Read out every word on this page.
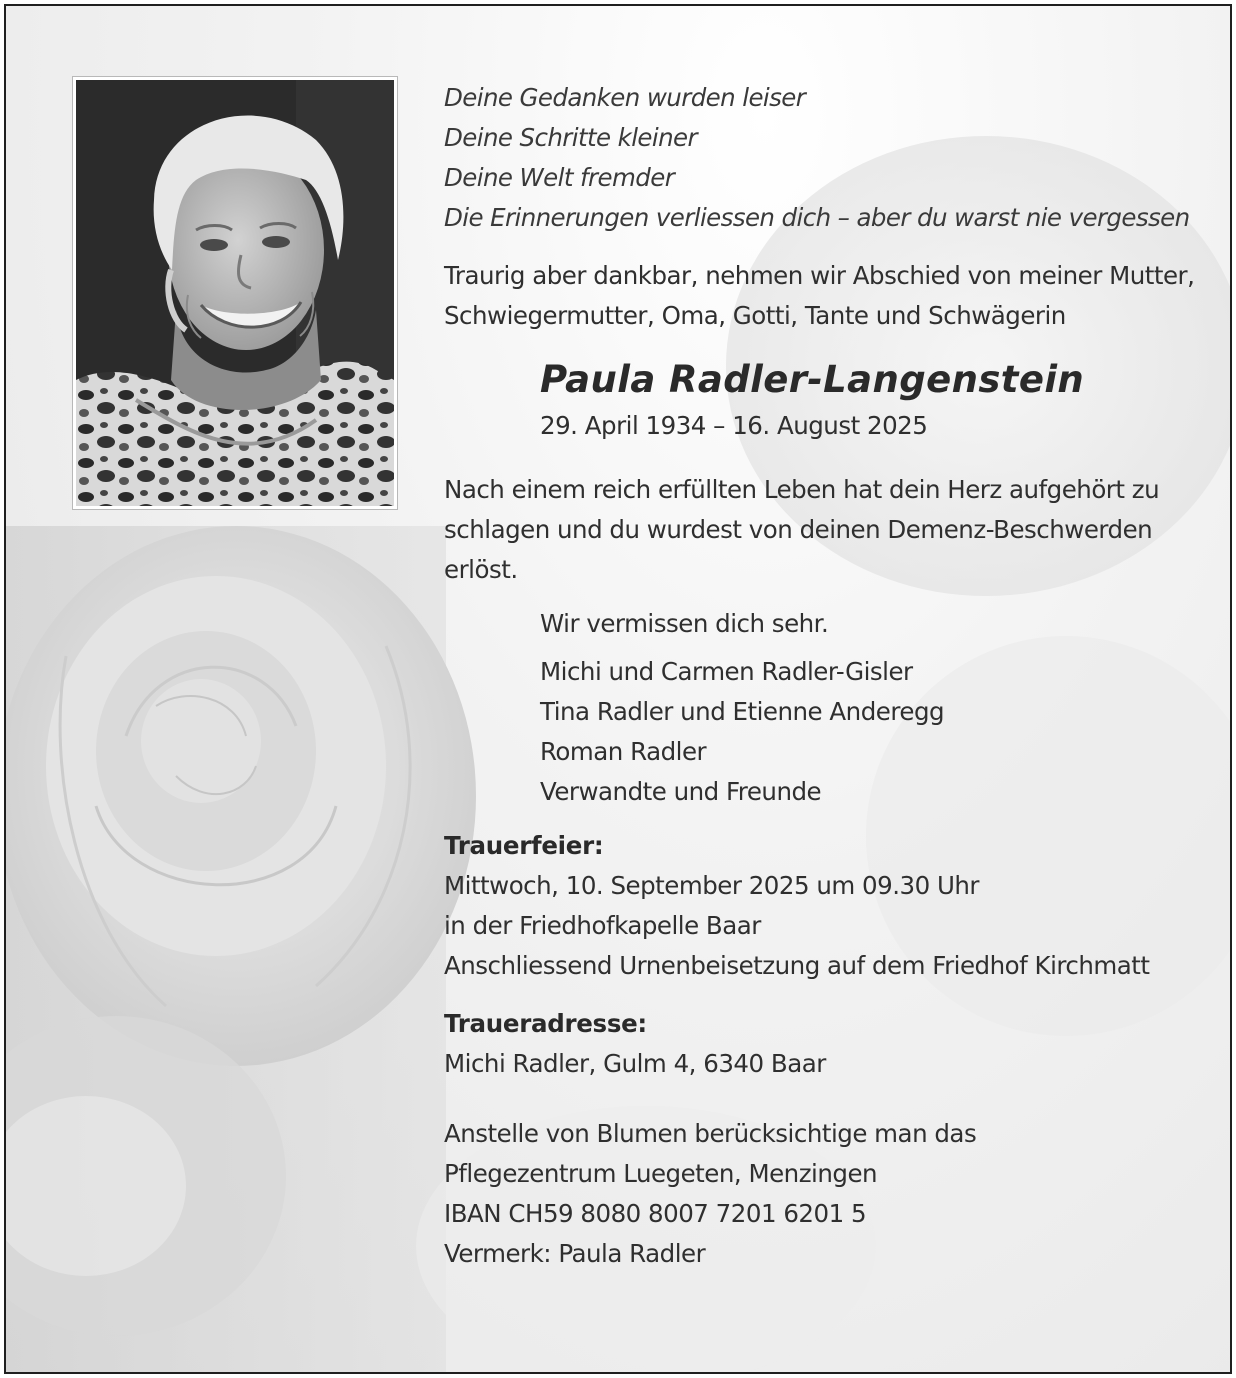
Deine Gedanken wurden leiser
Deine Schritte kleiner
Deine Welt fremder
Die Erinnerungen verliessen dich – aber du warst nie vergessen
Traurig aber dankbar, nehmen wir Abschied von meiner Mutter,
Schwiegermutter, Oma, Gotti, Tante und Schwägerin
Paula Radler-Langenstein
29. April 1934 – 16. August 2025
Nach einem reich erfüllten Leben hat dein Herz aufgehört zu
schlagen und du wurdest von deinen Demenz-Beschwerden
erlöst.
Wir vermissen dich sehr.
Michi und Carmen Radler-Gisler
Tina Radler und Etienne Anderegg
Roman Radler
Verwandte und Freunde
Trauerfeier:
Mittwoch, 10. September 2025 um 09.30 Uhr
in der Friedhofkapelle Baar
Anschliessend Urnenbeisetzung auf dem Friedhof Kirchmatt
Traueradresse:
Michi Radler, Gulm 4, 6340 Baar
Anstelle von Blumen berücksichtige man das
Pflegezentrum Luegeten, Menzingen
IBAN CH59 8080 8007 7201 6201 5
Vermerk: Paula Radler
